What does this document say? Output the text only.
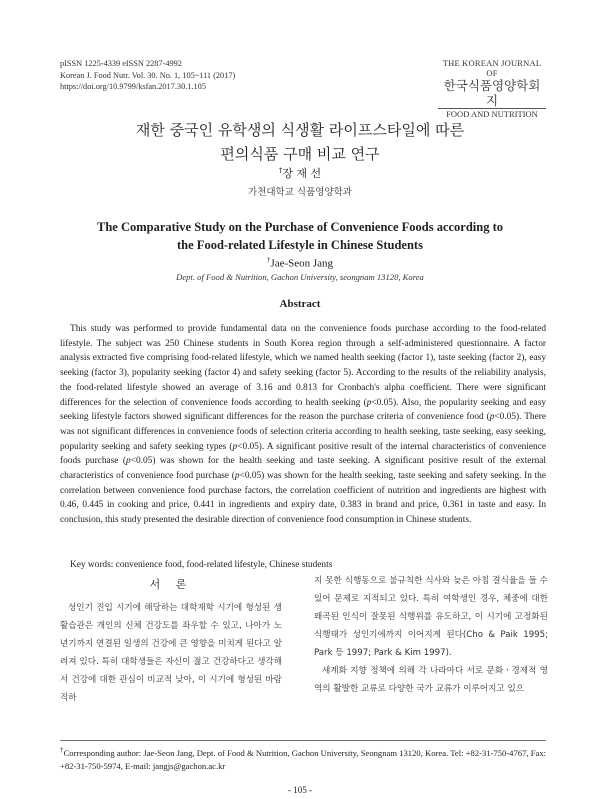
pISSN 1225-4339 eISSN 2287-4992
Korean J. Food Nutr. Vol. 30. No. 1, 105~111 (2017)
https://doi.org/10.9799/ksfan.2017.30.1.105
THE KOREAN JOURNAL OF
한국식품영양학회지
FOOD AND NUTRITION
재한 중국인 유학생의 식생활 라이프스타일에 따른
편의식품 구매 비교 연구
†장 재 선
가천대학교 식품영양학과
The Comparative Study on the Purchase of Convenience Foods according to
the Food-related Lifestyle in Chinese Students
†Jae-Seon Jang
Dept. of Food & Nutrition, Gachon University, seongnam 13120, Korea
Abstract
This study was performed to provide fundamental data on the convenience foods purchase according to the food-related lifestyle. The subject was 250 Chinese students in South Korea region through a self-administered questionnaire. A factor analysis extracted five comprising food-related lifestyle, which we named health seeking (factor 1), taste seeking (factor 2), easy seeking (factor 3), popularity seeking (factor 4) and safety seeking (factor 5). According to the results of the reliability analysis, the food-related lifestyle showed an average of 3.16 and 0.813 for Cronbach's alpha coefficient. There were significant differences for the selection of convenience foods according to health seeking (p<0.05). Also, the popularity seeking and easy seeking lifestyle factors showed significant differences for the reason the purchase criteria of convenience food (p<0.05). There was not significant differences in convenience foods of selection criteria according to health seeking, taste seeking, easy seeking, popularity seeking and safety seeking types (p<0.05). A significant positive result of the internal characteristics of convenience foods purchase (p<0.05) was shown for the health seeking and taste seeking. A significant positive result of the external characteristics of convenience food purchase (p<0.05) was shown for the health seeking, taste seeking and safety seeking. In the correlation between convenience food purchase factors, the correlation coefficient of nutrition and ingredients are highest with 0.46, 0.445 in cooking and price, 0.441 in ingredients and expiry date, 0.383 in brand and price, 0.361 in taste and easy. In conclusion, this study presented the desirable direction of convenience food consumption in Chinese students.
Key words: convenience food, food-related lifestyle, Chinese students
서 론
성인기 진입 시기에 해당하는 대학재학 시기에 형성된 생활습관은 개인의 신체 건강도를 좌우할 수 있고, 나아가 노년기까지 연결된 일생의 건강에 큰 영향을 미치게 된다고 알려져 있다. 특히 대학생들은 자신이 젊고 건강하다고 생각해서 건강에 대한 관심이 비교적 낮아, 이 시기에 형성된 바람직하

지 못한 식행동으로 불규칙한 식사와 늦은 아침 결식율을 들 수 있어 문제로 지적되고 있다. 특히 여학생인 경우, 체중에 대한 왜곡된 인식이 잘못된 식행위를 유도하고, 이 시기에 고정화된 식행태가 성인기에까지 이어지게 된다(Cho & Paik 1995; Park 등 1997; Park & Kim 1997).

세계화 지향 정책에 의해 각 나라마다 서로 문화ㆍ경제적 영역의 활발한 교류로 다양한 국가 교류가 이루어지고 있으

†Corresponding author: Jae-Seon Jang, Dept. of Food & Nutrition, Gachon University, Seongnam 13120, Korea. Tel: +82-31-750-4767, Fax: +82-31-750-5974, E-mail: jangjs@gachon.ac.kr
- 105 -
